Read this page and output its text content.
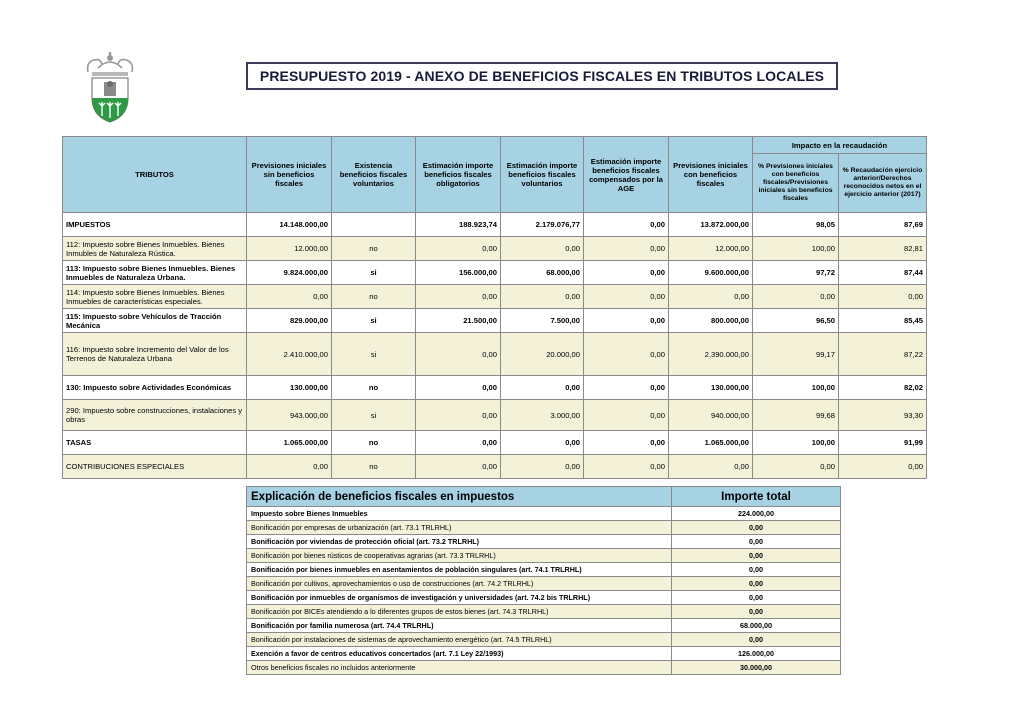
PRESUPUESTO 2019 - ANEXO DE BENEFICIOS FISCALES EN TRIBUTOS LOCALES
TRIBUTOS	Previsiones iniciales sin beneficios fiscales	Existencia beneficios fiscales voluntarios	Estimación importe beneficios fiscales obligatorios	Estimación importe beneficios fiscales voluntarios	Estimación importe beneficios fiscales compensados por la AGE	Previsiones iniciales con beneficios fiscales	Impacto en la recaudación	
							% Previsiones iniciales con beneficios fiscales/Previsiones iniciales sin beneficios fiscales	% Recaudación ejercicio anterior/Derechos reconocidos netos en el ejercicio anterior (2017)
IMPUESTOS	14.148.000,00		188.923,74	2.179.076,77	0,00	13.872.000,00	98,05	87,69
112: Impuesto sobre Bienes Inmuebles. Bienes Inmubles de Naturaleza Rústica.	12.000,00	no	0,00	0,00	0,00	12.000,00	100,00	82,81
113: Impuesto sobre Bienes Inmuebles. Bienes Inmuebles de Naturaleza Urbana.	9.824.000,00	si	156.000,00	68.000,00	0,00	9.600.000,00	97,72	87,44
114: Impuesto sobre Bienes Inmuebles. Bienes Inmuebles de características especiales.	0,00	no	0,00	0,00	0,00	0,00	0,00	0,00
115: Impuesto sobre Vehículos de Tracción Mecánica	829.000,00	si	21.500,00	7.500,00	0,00	800.000,00	96,50	85,45
116: Impuesto sobre Incremento del Valor de los Terrenos de Naturaleza Urbana	2.410.000,00	si	0,00	20.000,00	0,00	2.390.000,00	99,17	87,22
130: Impuesto sobre Actividades Económicas	130.000,00	no	0,00	0,00	0,00	130.000,00	100,00	82,02
290: Impuesto sobre construcciones, instalaciones y obras	943.000,00	si	0,00	3.000,00	0,00	940.000,00	99,68	93,30
TASAS	1.065.000,00	no	0,00	0,00	0,00	1.065.000,00	100,00	91,99
CONTRIBUCIONES ESPECIALES	0,00	no	0,00	0,00	0,00	0,00	0,00	0,00
Explicación de beneficios fiscales en impuestos	Importe total
Impuesto sobre Bienes Inmuebles	224.000,00
Bonificación por empresas de urbanización (art. 73.1 TRLRHL)	0,00
Bonificación por viviendas de protección oficial (art. 73.2 TRLRHL)	0,00
Bonificación por bienes rústicos de cooperativas agrarias (art. 73.3 TRLRHL)	0,00
Bonificación por bienes inmuebles en asentamientos de población singulares (art. 74.1 TRLRHL)	0,00
Bonificación por cultivos, aprovechamientos o uso de construcciones (art. 74.2 TRLRHL)	0,00
Bonificación por inmuebles de organismos de investigación y universidades (art. 74.2 bis TRLRHL)	0,00
Bonificación por BICEs atendiendo a lo diferentes grupos de estos bienes (art. 74.3 TRLRHL)	0,00
Bonificación por familia numerosa (art. 74.4 TRLRHL)	68.000,00
Bonificación por instalaciones de sistemas de aprovechamiento energético (art. 74.5 TRLRHL)	0,00
Exención a favor de centros educativos concertados (art. 7.1 Ley 22/1993)	126.000,00
Otros beneficios fiscales no incluidos anteriormente	30.000,00
